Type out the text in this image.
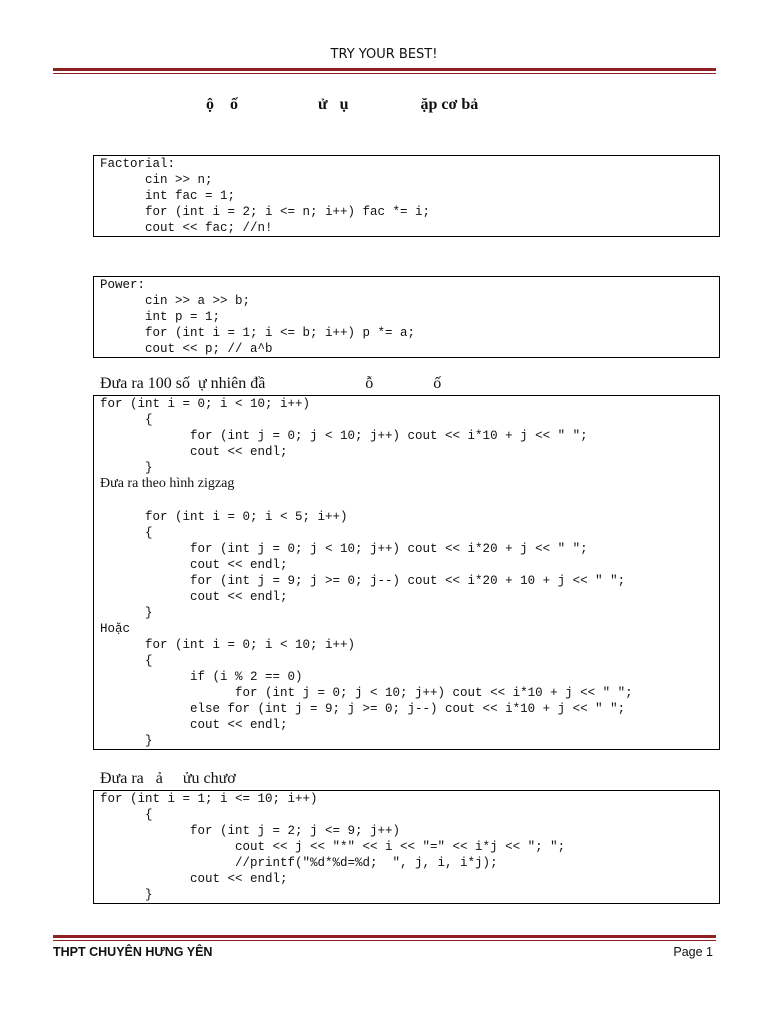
TRY YOUR BEST!
ộ    ố                    ử   ụ                  ặp cơ bả
Factorial:
cin >> n;
int fac = 1;
for (int i = 2; i <= n; i++) fac *= i;
cout << fac; //n!
Power:
cin >> a >> b;
int p = 1;
for (int i = 1; i <= b; i++) p *= a;
cout << p; // a^b
Đưa ra 100 số  ự nhiên đầ                         ỗ               ố
for (int i = 0; i < 10; i++)
{
for (int j = 0; j < 10; j++) cout << i*10 + j << " ";
cout << endl;
}
Đưa ra theo hình zigzag
for (int i = 0; i < 5; i++)
{
for (int j = 0; j < 10; j++) cout << i*20 + j << " ";
cout << endl;
for (int j = 9; j >= 0; j--) cout << i*20 + 10 + j << " ";
cout << endl;
}
Hoặc
for (int i = 0; i < 10; i++)
{
if (i % 2 == 0)
for (int j = 0; j < 10; j++) cout << i*10 + j << " ";
else for (int j = 9; j >= 0; j--) cout << i*10 + j << " ";
cout << endl;
}
Đưa ra   ả     ửu chươ
for (int i = 1; i <= 10; i++)
{
for (int j = 2; j <= 9; j++)
cout << j << "*" << i << "=" << i*j << "; ";
//printf("%d*%d=%d;  ", j, i, i*j);
cout << endl;
}
THPT CHUYÊN HƯNG YÊN	Page 1
